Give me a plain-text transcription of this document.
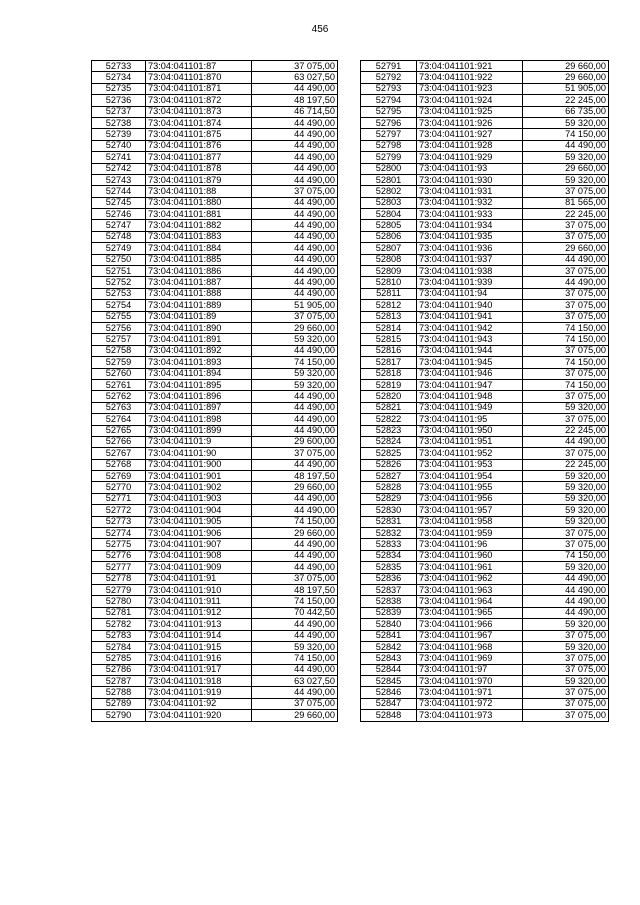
456
52733	73:04:041101:87	37 075,00
52734	73:04:041101:870	63 027,50
52735	73:04:041101:871	44 490,00
52736	73:04:041101:872	48 197,50
52737	73:04:041101:873	46 714,50
52738	73:04:041101:874	44 490,00
52739	73:04:041101:875	44 490,00
52740	73:04:041101:876	44 490,00
52741	73:04:041101:877	44 490,00
52742	73:04:041101:878	44 490,00
52743	73:04:041101:879	44 490,00
52744	73:04:041101:88	37 075,00
52745	73:04:041101:880	44 490,00
52746	73:04:041101:881	44 490,00
52747	73:04:041101:882	44 490,00
52748	73:04:041101:883	44 490,00
52749	73:04:041101:884	44 490,00
52750	73:04:041101:885	44 490,00
52751	73:04:041101:886	44 490,00
52752	73:04:041101:887	44 490,00
52753	73:04:041101:888	44 490,00
52754	73:04:041101:889	51 905,00
52755	73:04:041101:89	37 075,00
52756	73:04:041101:890	29 660,00
52757	73:04:041101:891	59 320,00
52758	73:04:041101:892	44 490,00
52759	73:04:041101:893	74 150,00
52760	73:04:041101:894	59 320,00
52761	73:04:041101:895	59 320,00
52762	73:04:041101:896	44 490,00
52763	73:04:041101:897	44 490,00
52764	73:04:041101:898	44 490,00
52765	73:04:041101:899	44 490,00
52766	73:04:041101:9	29 600,00
52767	73:04:041101:90	37 075,00
52768	73:04:041101:900	44 490,00
52769	73:04:041101:901	48 197,50
52770	73:04:041101:902	29 660,00
52771	73:04:041101:903	44 490,00
52772	73:04:041101:904	44 490,00
52773	73:04:041101:905	74 150,00
52774	73:04:041101:906	29 660,00
52775	73:04:041101:907	44 490,00
52776	73:04:041101:908	44 490,00
52777	73:04:041101:909	44 490,00
52778	73:04:041101:91	37 075,00
52779	73:04:041101:910	48 197,50
52780	73:04:041101:911	74 150,00
52781	73:04:041101:912	70 442,50
52782	73:04:041101:913	44 490,00
52783	73:04:041101:914	44 490,00
52784	73:04:041101:915	59 320,00
52785	73:04:041101:916	74 150,00
52786	73:04:041101:917	44 490,00
52787	73:04:041101:918	63 027,50
52788	73:04:041101:919	44 490,00
52789	73:04:041101:92	37 075,00
52790	73:04:041101:920	29 660,00
52791	73:04:041101:921	29 660,00
52792	73:04:041101:922	29 660,00
52793	73:04:041101:923	51 905,00
52794	73:04:041101:924	22 245,00
52795	73:04:041101:925	66 735,00
52796	73:04:041101:926	59 320,00
52797	73:04:041101:927	74 150,00
52798	73:04:041101:928	44 490,00
52799	73:04:041101:929	59 320,00
52800	73:04:041101:93	29 660,00
52801	73:04:041101:930	59 320,00
52802	73:04:041101:931	37 075,00
52803	73:04:041101:932	81 565,00
52804	73:04:041101:933	22 245,00
52805	73:04:041101:934	37 075,00
52806	73:04:041101:935	37 075,00
52807	73:04:041101:936	29 660,00
52808	73:04:041101:937	44 490,00
52809	73:04:041101:938	37 075,00
52810	73:04:041101:939	44 490,00
52811	73:04:041101:94	37 075,00
52812	73:04:041101:940	37 075,00
52813	73:04:041101:941	37 075,00
52814	73:04:041101:942	74 150,00
52815	73:04:041101:943	74 150,00
52816	73:04:041101:944	37 075,00
52817	73:04:041101:945	74 150,00
52818	73:04:041101:946	37 075,00
52819	73:04:041101:947	74 150,00
52820	73:04:041101:948	37 075,00
52821	73:04:041101:949	59 320,00
52822	73:04:041101:95	37 075,00
52823	73:04:041101:950	22 245,00
52824	73:04:041101:951	44 490,00
52825	73:04:041101:952	37 075,00
52826	73:04:041101:953	22 245,00
52827	73:04:041101:954	59 320,00
52828	73:04:041101:955	59 320,00
52829	73:04:041101:956	59 320,00
52830	73:04:041101:957	59 320,00
52831	73:04:041101:958	59 320,00
52832	73:04:041101:959	37 075,00
52833	73:04:041101:96	37 075,00
52834	73:04:041101:960	74 150,00
52835	73:04:041101:961	59 320,00
52836	73:04:041101:962	44 490,00
52837	73:04:041101:963	44 490,00
52838	73:04:041101:964	44 490,00
52839	73:04:041101:965	44 490,00
52840	73:04:041101:966	59 320,00
52841	73:04:041101:967	37 075,00
52842	73:04:041101:968	59 320,00
52843	73:04:041101:969	37 075,00
52844	73:04:041101:97	37 075,00
52845	73:04:041101:970	59 320,00
52846	73:04:041101:971	37 075,00
52847	73:04:041101:972	37 075,00
52848	73:04:041101:973	37 075,00
